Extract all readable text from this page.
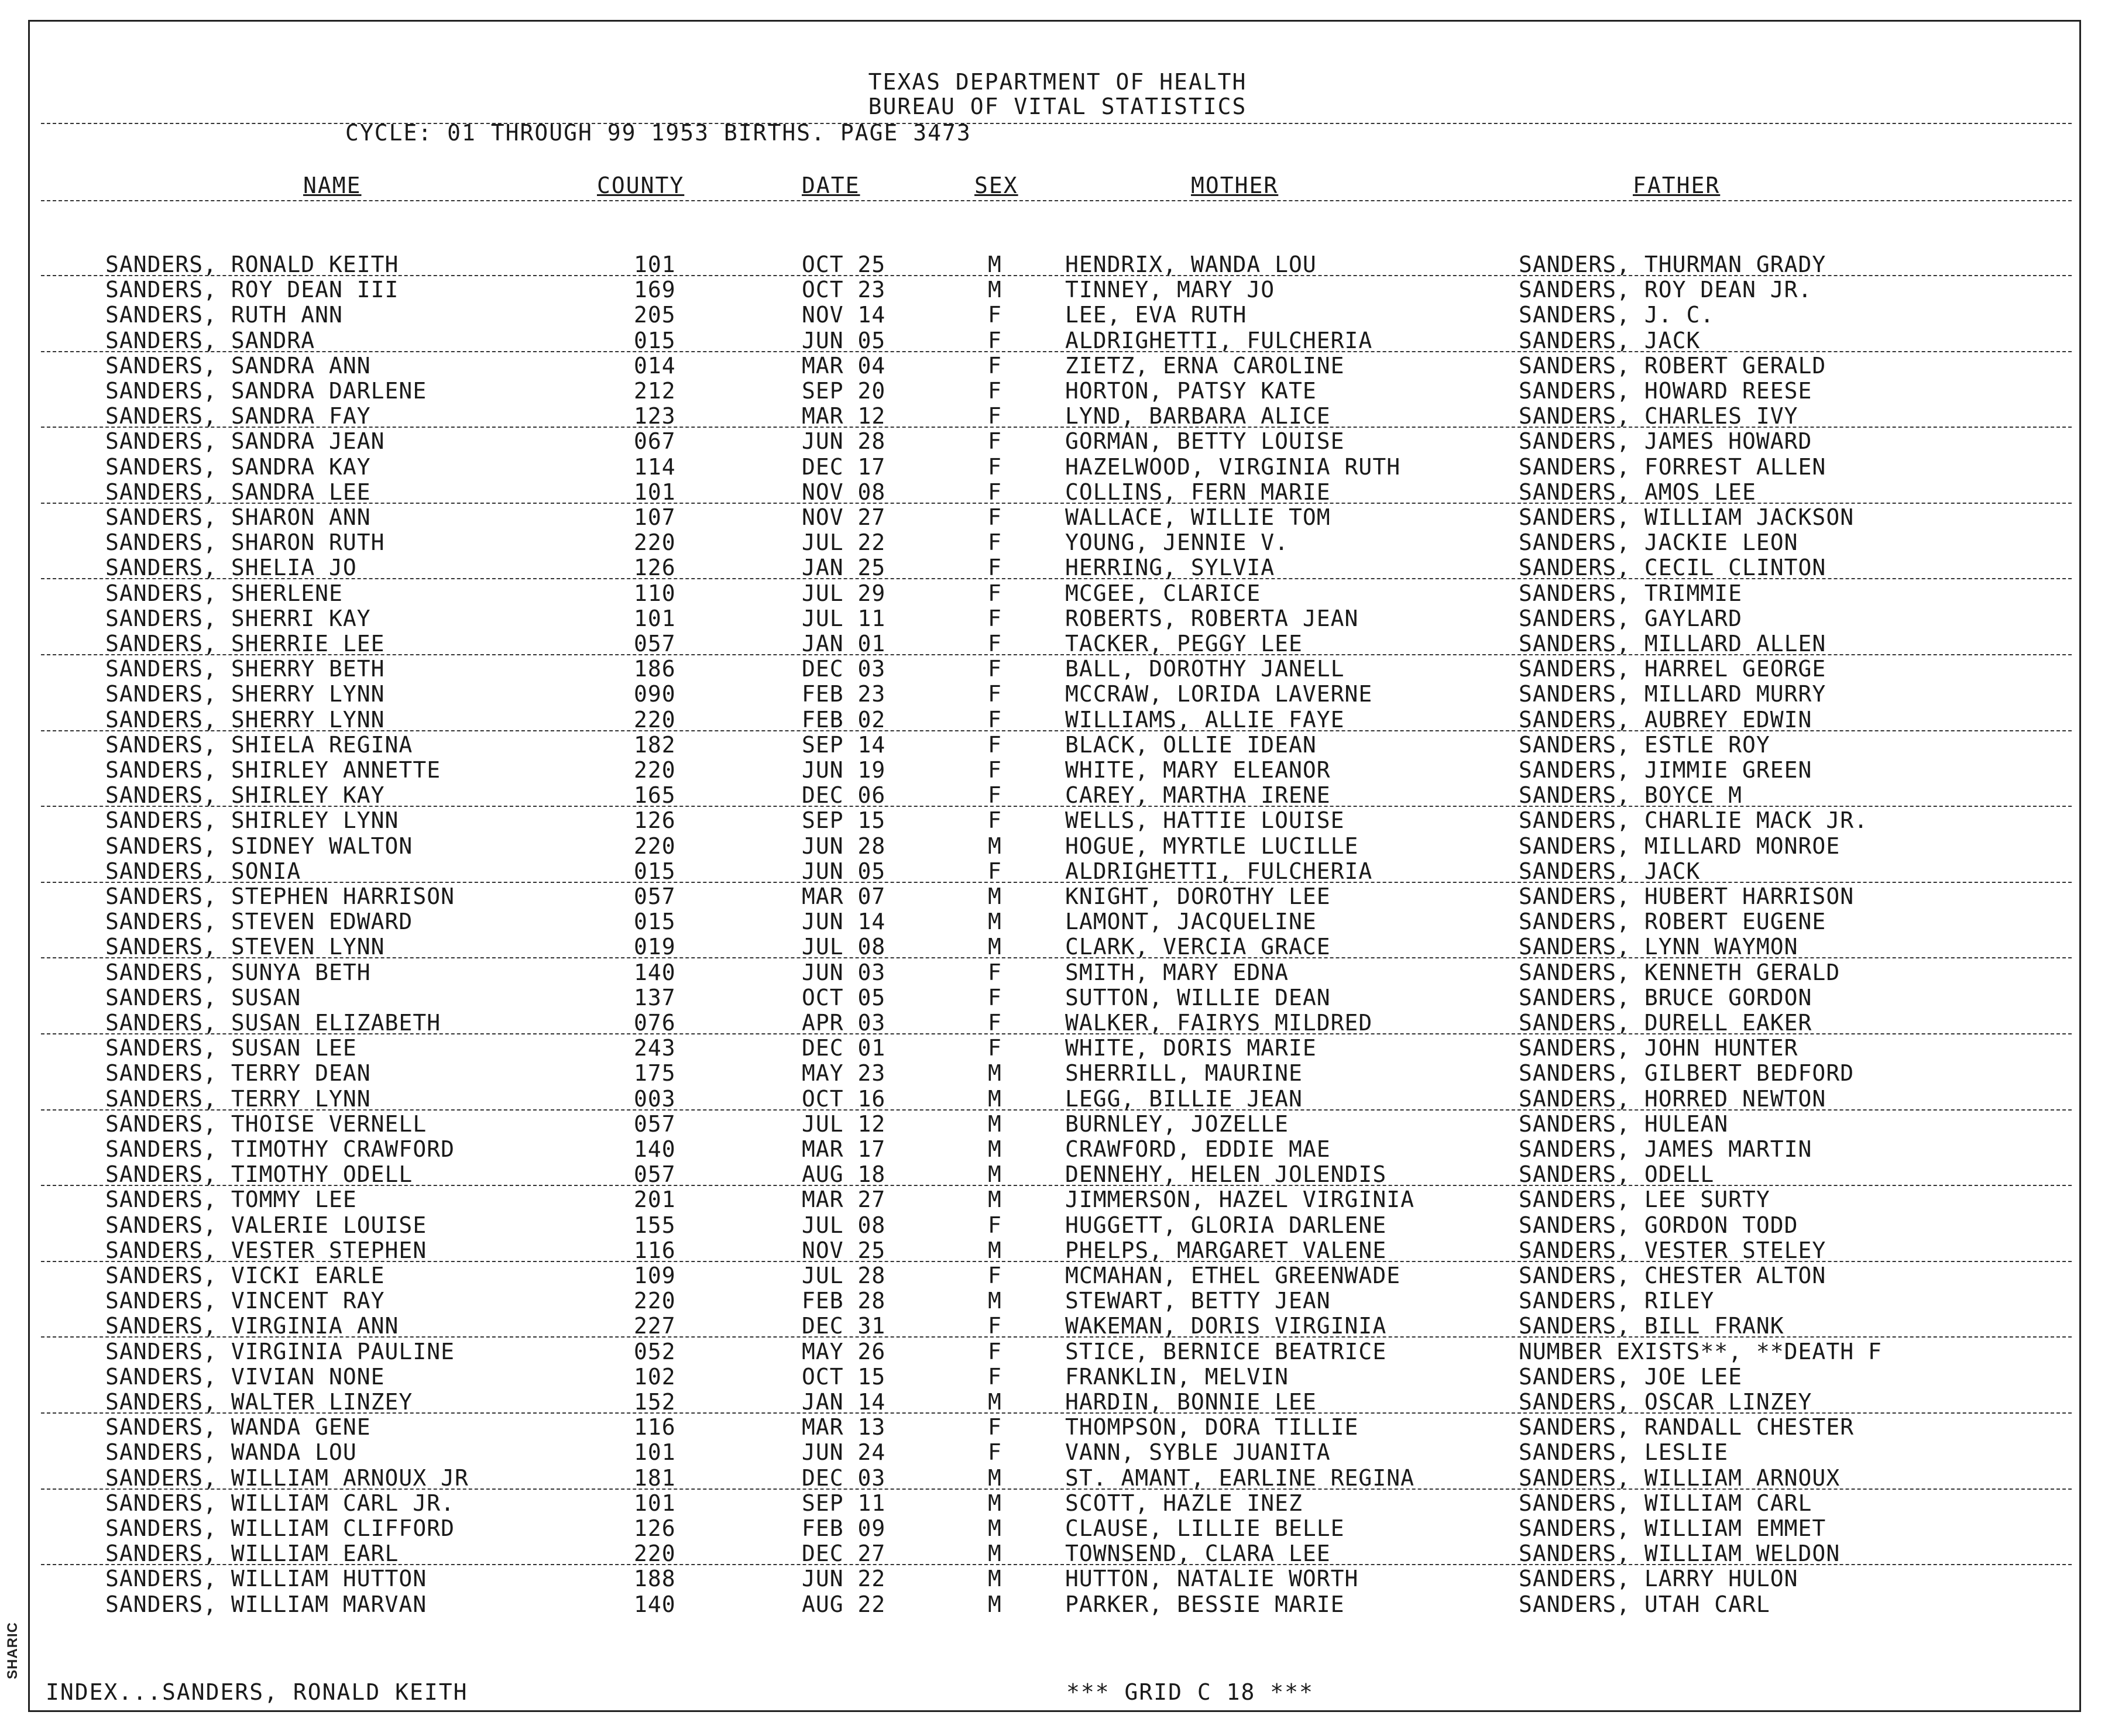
SHARIC
TEXAS DEPARTMENT OF HEALTH
BUREAU OF VITAL STATISTICS
CYCLE: 01 THROUGH 99 1953 BIRTHS. PAGE 3473
NAME	COUNTY	DATE	SEX	MOTHER	FATHER
SANDERS, RONALD KEITH	101	OCT 25	M	HENDRIX, WANDA LOU	SANDERS, THURMAN GRADY
SANDERS, ROY DEAN III	169	OCT 23	M	TINNEY, MARY JO	SANDERS, ROY DEAN JR.
SANDERS, RUTH ANN	205	NOV 14	F	LEE, EVA RUTH	SANDERS, J. C.
SANDERS, SANDRA	015	JUN 05	F	ALDRIGHETTI, FULCHERIA	SANDERS, JACK
SANDERS, SANDRA ANN	014	MAR 04	F	ZIETZ, ERNA CAROLINE	SANDERS, ROBERT GERALD
SANDERS, SANDRA DARLENE	212	SEP 20	F	HORTON, PATSY KATE	SANDERS, HOWARD REESE
SANDERS, SANDRA FAY	123	MAR 12	F	LYND, BARBARA ALICE	SANDERS, CHARLES IVY
SANDERS, SANDRA JEAN	067	JUN 28	F	GORMAN, BETTY LOUISE	SANDERS, JAMES HOWARD
SANDERS, SANDRA KAY	114	DEC 17	F	HAZELWOOD, VIRGINIA RUTH	SANDERS, FORREST ALLEN
SANDERS, SANDRA LEE	101	NOV 08	F	COLLINS, FERN MARIE	SANDERS, AMOS LEE
SANDERS, SHARON ANN	107	NOV 27	F	WALLACE, WILLIE TOM	SANDERS, WILLIAM JACKSON
SANDERS, SHARON RUTH	220	JUL 22	F	YOUNG, JENNIE V.	SANDERS, JACKIE LEON
SANDERS, SHELIA JO	126	JAN 25	F	HERRING, SYLVIA	SANDERS, CECIL CLINTON
SANDERS, SHERLENE	110	JUL 29	F	MCGEE, CLARICE	SANDERS, TRIMMIE
SANDERS, SHERRI KAY	101	JUL 11	F	ROBERTS, ROBERTA JEAN	SANDERS, GAYLARD
SANDERS, SHERRIE LEE	057	JAN 01	F	TACKER, PEGGY LEE	SANDERS, MILLARD ALLEN
SANDERS, SHERRY BETH	186	DEC 03	F	BALL, DOROTHY JANELL	SANDERS, HARREL GEORGE
SANDERS, SHERRY LYNN	090	FEB 23	F	MCCRAW, LORIDA LAVERNE	SANDERS, MILLARD MURRY
SANDERS, SHERRY LYNN	220	FEB 02	F	WILLIAMS, ALLIE FAYE	SANDERS, AUBREY EDWIN
SANDERS, SHIELA REGINA	182	SEP 14	F	BLACK, OLLIE IDEAN	SANDERS, ESTLE ROY
SANDERS, SHIRLEY ANNETTE	220	JUN 19	F	WHITE, MARY ELEANOR	SANDERS, JIMMIE GREEN
SANDERS, SHIRLEY KAY	165	DEC 06	F	CAREY, MARTHA IRENE	SANDERS, BOYCE M
SANDERS, SHIRLEY LYNN	126	SEP 15	F	WELLS, HATTIE LOUISE	SANDERS, CHARLIE MACK JR.
SANDERS, SIDNEY WALTON	220	JUN 28	M	HOGUE, MYRTLE LUCILLE	SANDERS, MILLARD MONROE
SANDERS, SONIA	015	JUN 05	F	ALDRIGHETTI, FULCHERIA	SANDERS, JACK
SANDERS, STEPHEN HARRISON	057	MAR 07	M	KNIGHT, DOROTHY LEE	SANDERS, HUBERT HARRISON
SANDERS, STEVEN EDWARD	015	JUN 14	M	LAMONT, JACQUELINE	SANDERS, ROBERT EUGENE
SANDERS, STEVEN LYNN	019	JUL 08	M	CLARK, VERCIA GRACE	SANDERS, LYNN WAYMON
SANDERS, SUNYA BETH	140	JUN 03	F	SMITH, MARY EDNA	SANDERS, KENNETH GERALD
SANDERS, SUSAN	137	OCT 05	F	SUTTON, WILLIE DEAN	SANDERS, BRUCE GORDON
SANDERS, SUSAN ELIZABETH	076	APR 03	F	WALKER, FAIRYS MILDRED	SANDERS, DURELL EAKER
SANDERS, SUSAN LEE	243	DEC 01	F	WHITE, DORIS MARIE	SANDERS, JOHN HUNTER
SANDERS, TERRY DEAN	175	MAY 23	M	SHERRILL, MAURINE	SANDERS, GILBERT BEDFORD
SANDERS, TERRY LYNN	003	OCT 16	M	LEGG, BILLIE JEAN	SANDERS, HORRED NEWTON
SANDERS, THOISE VERNELL	057	JUL 12	M	BURNLEY, JOZELLE	SANDERS, HULEAN
SANDERS, TIMOTHY CRAWFORD	140	MAR 17	M	CRAWFORD, EDDIE MAE	SANDERS, JAMES MARTIN
SANDERS, TIMOTHY ODELL	057	AUG 18	M	DENNEHY, HELEN JOLENDIS	SANDERS, ODELL
SANDERS, TOMMY LEE	201	MAR 27	M	JIMMERSON, HAZEL VIRGINIA	SANDERS, LEE SURTY
SANDERS, VALERIE LOUISE	155	JUL 08	F	HUGGETT, GLORIA DARLENE	SANDERS, GORDON TODD
SANDERS, VESTER STEPHEN	116	NOV 25	M	PHELPS, MARGARET VALENE	SANDERS, VESTER STELEY
SANDERS, VICKI EARLE	109	JUL 28	F	MCMAHAN, ETHEL GREENWADE	SANDERS, CHESTER ALTON
SANDERS, VINCENT RAY	220	FEB 28	M	STEWART, BETTY JEAN	SANDERS, RILEY
SANDERS, VIRGINIA ANN	227	DEC 31	F	WAKEMAN, DORIS VIRGINIA	SANDERS, BILL FRANK
SANDERS, VIRGINIA PAULINE	052	MAY 26	F	STICE, BERNICE BEATRICE	NUMBER EXISTS**, **DEATH F
SANDERS, VIVIAN NONE	102	OCT 15	F	FRANKLIN, MELVIN	SANDERS, JOE LEE
SANDERS, WALTER LINZEY	152	JAN 14	M	HARDIN, BONNIE LEE	SANDERS, OSCAR LINZEY
SANDERS, WANDA GENE	116	MAR 13	F	THOMPSON, DORA TILLIE	SANDERS, RANDALL CHESTER
SANDERS, WANDA LOU	101	JUN 24	F	VANN, SYBLE JUANITA	SANDERS, LESLIE
SANDERS, WILLIAM ARNOUX JR	181	DEC 03	M	ST. AMANT, EARLINE REGINA	SANDERS, WILLIAM ARNOUX
SANDERS, WILLIAM CARL JR.	101	SEP 11	M	SCOTT, HAZLE INEZ	SANDERS, WILLIAM CARL
SANDERS, WILLIAM CLIFFORD	126	FEB 09	M	CLAUSE, LILLIE BELLE	SANDERS, WILLIAM EMMET
SANDERS, WILLIAM EARL	220	DEC 27	M	TOWNSEND, CLARA LEE	SANDERS, WILLIAM WELDON
SANDERS, WILLIAM HUTTON	188	JUN 22	M	HUTTON, NATALIE WORTH	SANDERS, LARRY HULON
SANDERS, WILLIAM MARVAN	140	AUG 22	M	PARKER, BESSIE MARIE	SANDERS, UTAH CARL
INDEX...SANDERS, RONALD KEITH	*** GRID C 18 ***
